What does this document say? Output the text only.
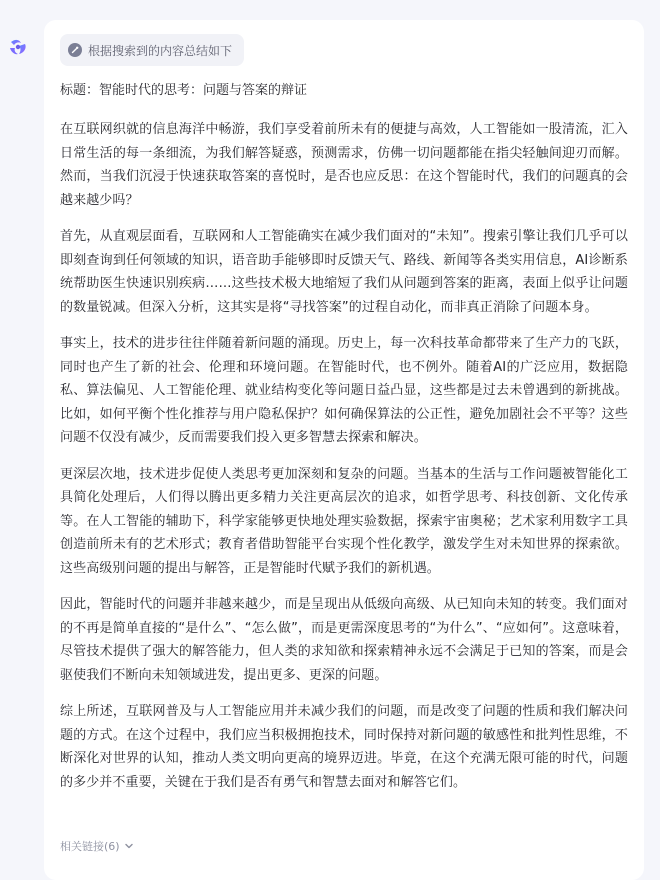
根据搜索到的内容总结如下
标题：智能时代的思考：问题与答案的辩证
在互联网织就的信息海洋中畅游，我们享受着前所未有的便捷与高效，人工智能如一股清流，汇入日常生活的每一条细流，为我们解答疑惑，预测需求，仿佛一切问题都能在指尖轻触间迎刃而解。然而，当我们沉浸于快速获取答案的喜悦时，是否也应反思：在这个智能时代，我们的问题真的会越来越少吗？
首先，从直观层面看，互联网和人工智能确实在减少我们面对的“未知”。搜索引擎让我们几乎可以即刻查询到任何领域的知识，语音助手能够即时反馈天气、路线、新闻等各类实用信息，AI诊断系统帮助医生快速识别疾病……这些技术极大地缩短了我们从问题到答案的距离，表面上似乎让问题的数量锐减。但深入分析，这其实是将“寻找答案”的过程自动化，而非真正消除了问题本身。
事实上，技术的进步往往伴随着新问题的涌现。历史上，每一次科技革命都带来了生产力的飞跃，同时也产生了新的社会、伦理和环境问题。在智能时代，也不例外。随着AI的广泛应用，数据隐私、算法偏见、人工智能伦理、就业结构变化等问题日益凸显，这些都是过去未曾遇到的新挑战。比如，如何平衡个性化推荐与用户隐私保护？如何确保算法的公正性，避免加剧社会不平等？这些问题不仅没有减少，反而需要我们投入更多智慧去探索和解决。
更深层次地，技术进步促使人类思考更加深刻和复杂的问题。当基本的生活与工作问题被智能化工具简化处理后，人们得以腾出更多精力关注更高层次的追求，如哲学思考、科技创新、文化传承等。在人工智能的辅助下，科学家能够更快地处理实验数据，探索宇宙奥秘；艺术家利用数字工具创造前所未有的艺术形式；教育者借助智能平台实现个性化教学，激发学生对未知世界的探索欲。这些高级别问题的提出与解答，正是智能时代赋予我们的新机遇。
因此，智能时代的问题并非越来越少，而是呈现出从低级向高级、从已知向未知的转变。我们面对的不再是简单直接的“是什么”、“怎么做”，而是更需深度思考的“为什么”、“应如何”。这意味着，尽管技术提供了强大的解答能力，但人类的求知欲和探索精神永远不会满足于已知的答案，而是会驱使我们不断向未知领域进发，提出更多、更深的问题。
综上所述，互联网普及与人工智能应用并未减少我们的问题，而是改变了问题的性质和我们解决问题的方式。在这个过程中，我们应当积极拥抱技术，同时保持对新问题的敏感性和批判性思维，不断深化对世界的认知，推动人类文明向更高的境界迈进。毕竟，在这个充满无限可能的时代，问题的多少并不重要，关键在于我们是否有勇气和智慧去面对和解答它们。
相关链接(6)
